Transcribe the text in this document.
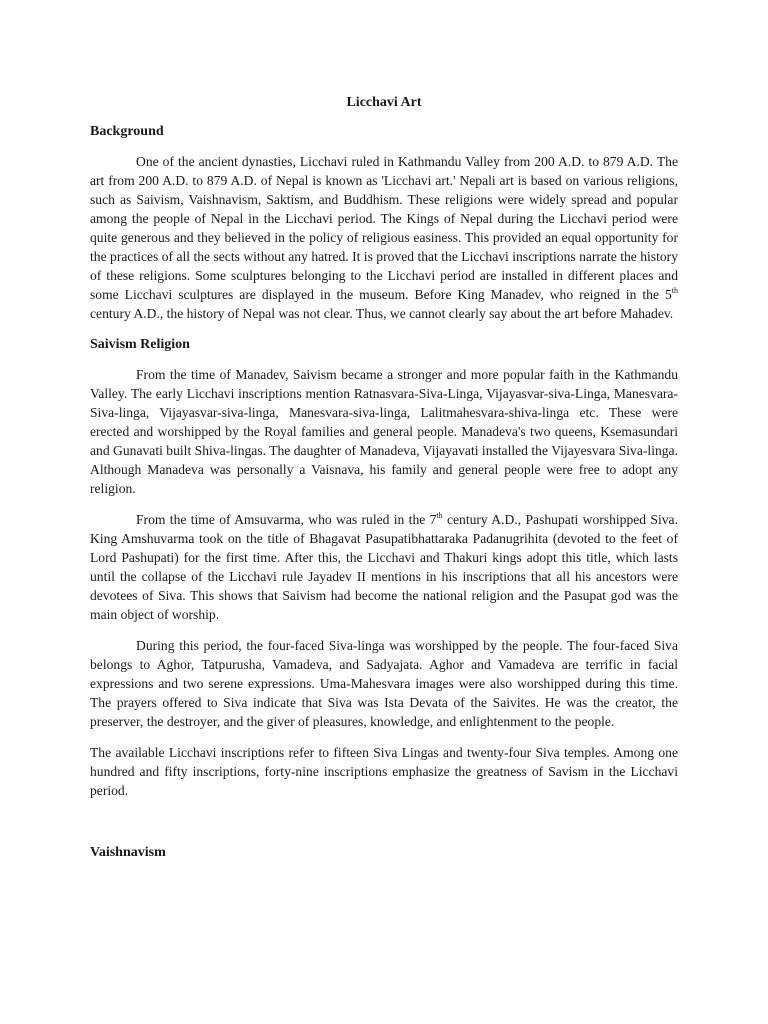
Licchavi Art
Background

One of the ancient dynasties, Licchavi ruled in Kathmandu Valley from 200 A.D. to 879 A.D. The art from 200 A.D. to 879 A.D. of Nepal is known as 'Licchavi art.' Nepali art is based on various religions, such as Saivism, Vaishnavism, Saktism, and Buddhism. These religions were widely spread and popular among the people of Nepal in the Licchavi period. The Kings of Nepal during the Licchavi period were quite generous and they believed in the policy of religious easiness. This provided an equal opportunity for the practices of all the sects without any hatred. It is proved that the Licchavi inscriptions narrate the history of these religions. Some sculptures belonging to the Licchavi period are installed in different places and some Licchavi sculptures are displayed in the museum. Before King Manadev, who reigned in the 5th century A.D., the history of Nepal was not clear. Thus, we cannot clearly say about the art before Mahadev.

Saivism Religion

From the time of Manadev, Saivism became a stronger and more popular faith in the Kathmandu Valley. The early Licchavi inscriptions mention Ratnasvara-Siva-Linga, Vijayasvar-siva-Linga, Manesvara-Siva-linga, Vijayasvar-siva-linga, Manesvara-siva-linga, Lalitmahesvara-shiva-linga etc. These were erected and worshipped by the Royal families and general people. Manadeva's two queens, Ksemasundari and Gunavati built Shiva-lingas. The daughter of Manadeva, Vijayavati installed the Vijayesvara Siva-linga. Although Manadeva was personally a Vaisnava, his family and general people were free to adopt any religion.

From the time of Amsuvarma, who was ruled in the 7th century A.D., Pashupati worshipped Siva. King Amshuvarma took on the title of Bhagavat Pasupatibhattaraka Padanugrihita (devoted to the feet of Lord Pashupati) for the first time. After this, the Licchavi and Thakuri kings adopt this title, which lasts until the collapse of the Licchavi rule Jayadev II mentions in his inscriptions that all his ancestors were devotees of Siva. This shows that Saivism had become the national religion and the Pasupat god was the main object of worship.

During this period, the four-faced Siva-linga was worshipped by the people. The four-faced Siva belongs to Aghor, Tatpurusha, Vamadeva, and Sadyajata. Aghor and Vamadeva are terrific in facial expressions and two serene expressions. Uma-Mahesvara images were also worshipped during this time. The prayers offered to Siva indicate that Siva was Ista Devata of the Saivites. He was the creator, the preserver, the destroyer, and the giver of pleasures, knowledge, and enlightenment to the people.

The available Licchavi inscriptions refer to fifteen Siva Lingas and twenty-four Siva temples. Among one hundred and fifty inscriptions, forty-nine inscriptions emphasize the greatness of Savism in the Licchavi period.

Vaishnavism
